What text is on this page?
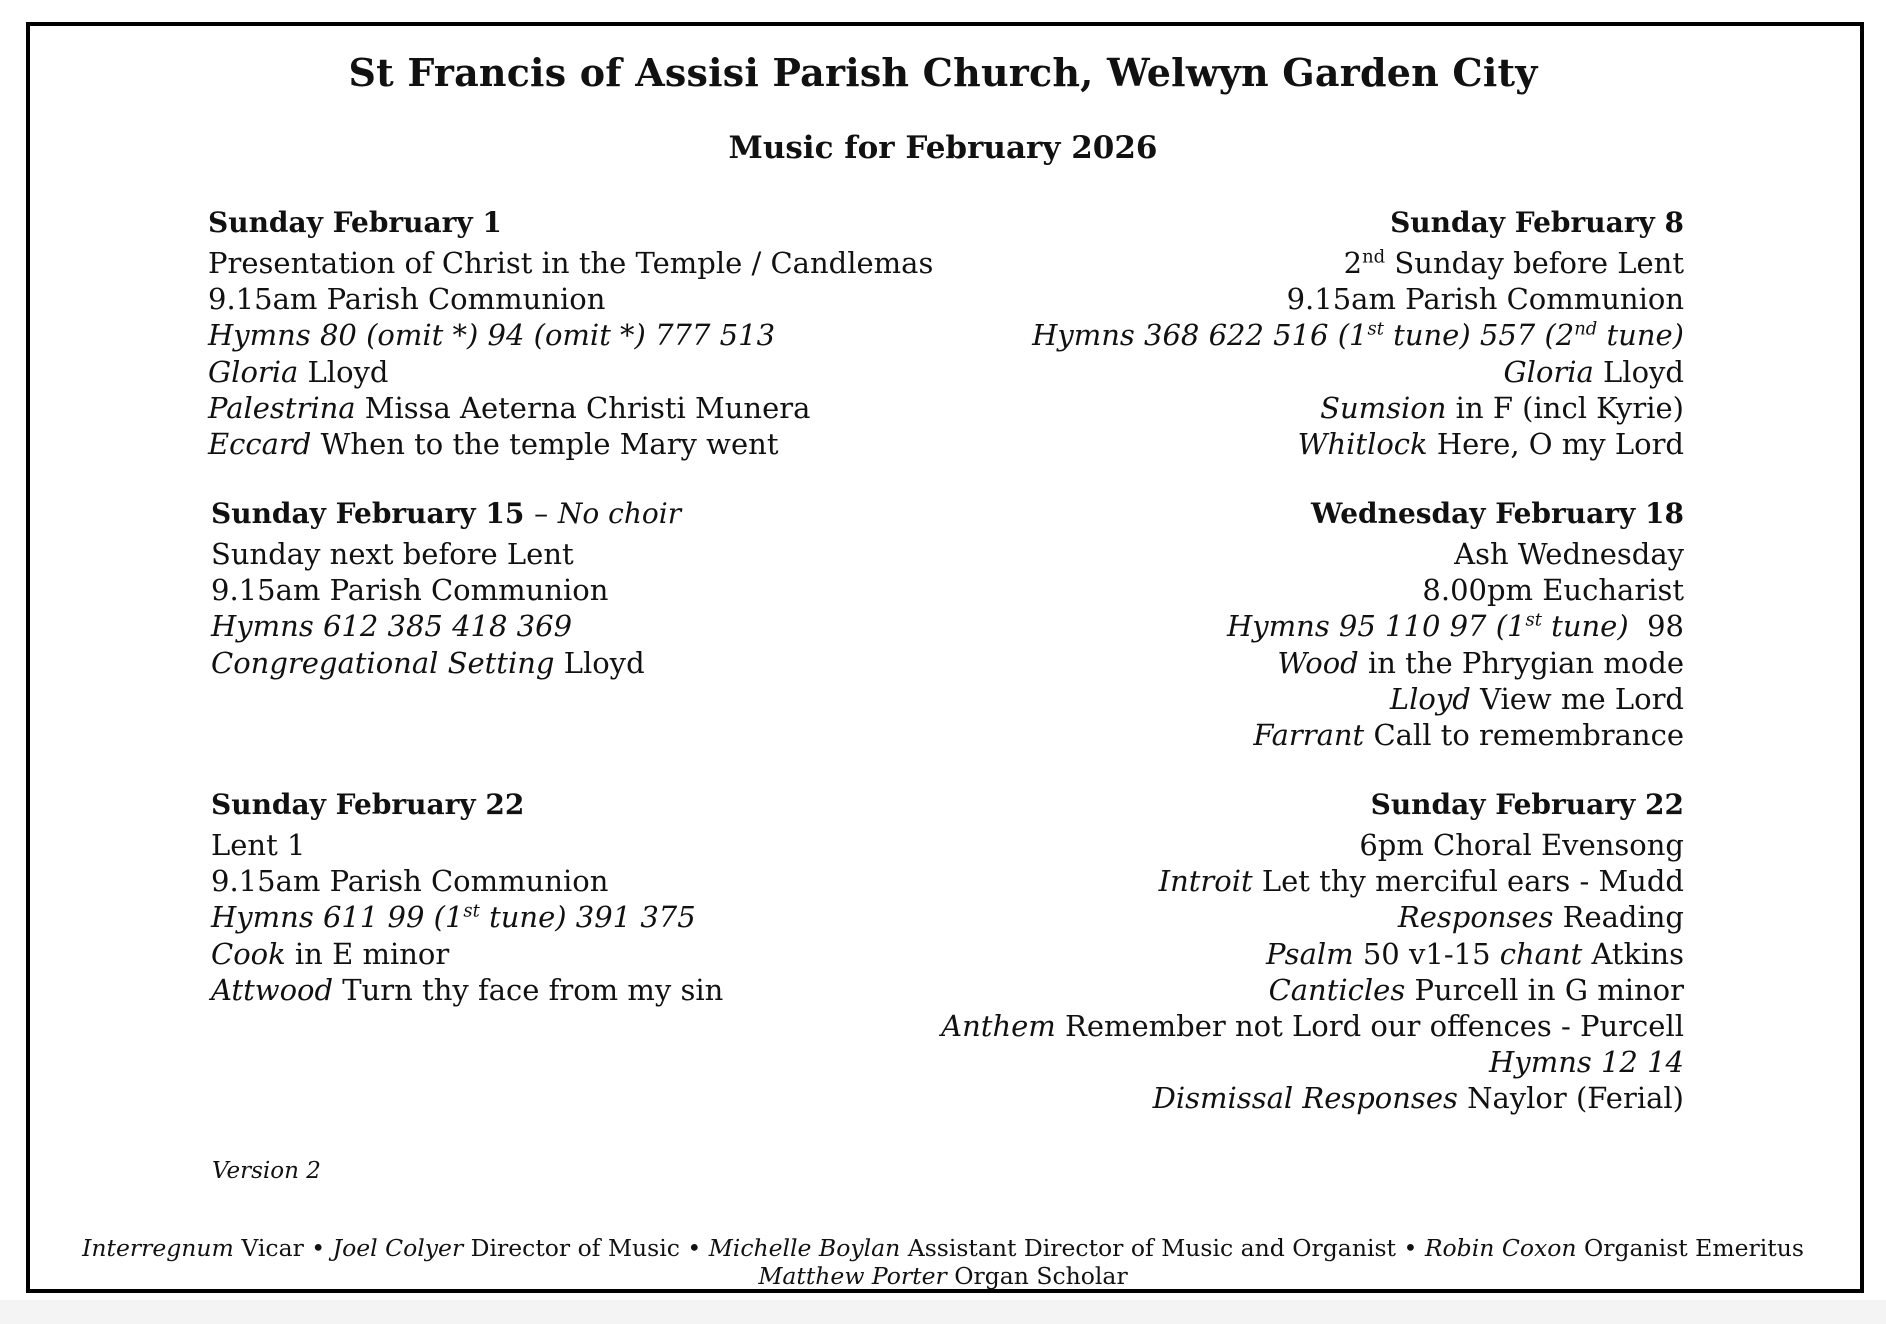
St Francis of Assisi Parish Church, Welwyn Garden City
Music for February 2026
Sunday February 1
Presentation of Christ in the Temple / Candlemas
9.15am Parish Communion
Hymns 80 (omit *) 94 (omit *) 777 513
Gloria Lloyd
Palestrina Missa Aeterna Christi Munera
Eccard When to the temple Mary went
Sunday February 8
2nd Sunday before Lent
9.15am Parish Communion
Hymns 368 622 516 (1st tune) 557 (2nd tune)
Gloria Lloyd
Sumsion in F (incl Kyrie)
Whitlock Here, O my Lord
Sunday February 15 – No choir
Sunday next before Lent
9.15am Parish Communion
Hymns 612 385 418 369
Congregational Setting Lloyd
Wednesday February 18
Ash Wednesday
8.00pm Eucharist
Hymns 95 110 97 (1st tune) 98
Wood in the Phrygian mode
Lloyd View me Lord
Farrant Call to remembrance
Sunday February 22
Lent 1
9.15am Parish Communion
Hymns 611 99 (1st tune) 391 375
Cook in E minor
Attwood Turn thy face from my sin
Sunday February 22
6pm Choral Evensong
Introit Let thy merciful ears - Mudd
Responses Reading
Psalm 50 v1-15 chant Atkins
Canticles Purcell in G minor
Anthem Remember not Lord our offences - Purcell
Hymns 12 14
Dismissal Responses Naylor (Ferial)
Version 2
Interregnum Vicar • Joel Colyer Director of Music • Michelle Boylan Assistant Director of Music and Organist • Robin Coxon Organist Emeritus
Matthew Porter Organ Scholar
